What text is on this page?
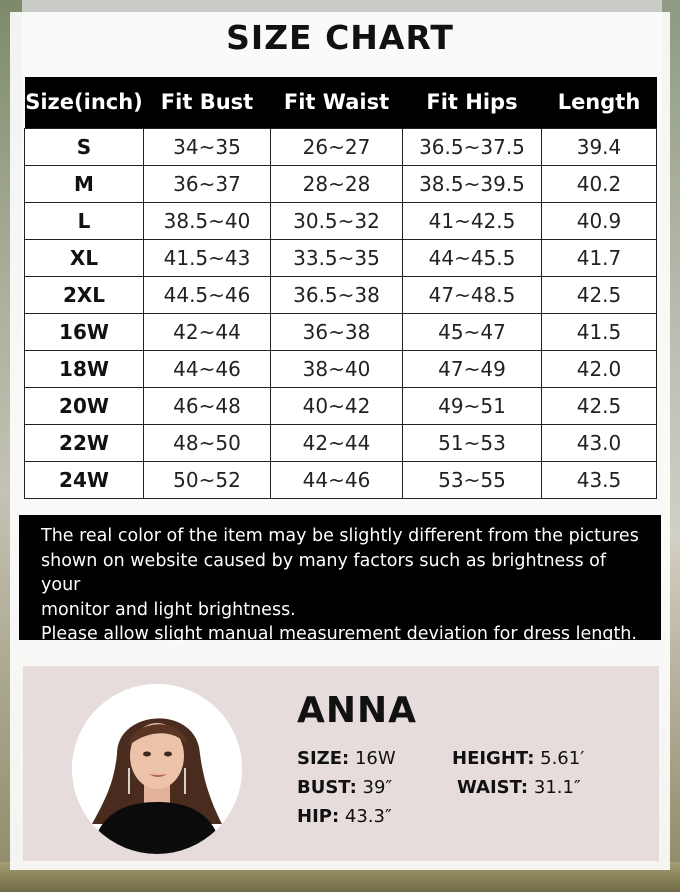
SIZE CHART
Size(inch)	Fit Bust	Fit Waist	Fit Hips	Length
S	34~35	26~27	36.5~37.5	39.4
M	36~37	28~28	38.5~39.5	40.2
L	38.5~40	30.5~32	41~42.5	40.9
XL	41.5~43	33.5~35	44~45.5	41.7
2XL	44.5~46	36.5~38	47~48.5	42.5
16W	42~44	36~38	45~47	41.5
18W	44~46	38~40	47~49	42.0
20W	46~48	40~42	49~51	42.5
22W	48~50	42~44	51~53	43.0
24W	50~52	44~46	53~55	43.5
The real color of the item may be slightly different from the pictures
shown on website caused by many factors such as brightness of your
monitor and light brightness.
Please allow slight manual measurement deviation for dress length.
ANNA
SIZE: 16W	HEIGHT: 5.61′
BUST: 39″	WAIST: 31.1″
HIP: 43.3″
